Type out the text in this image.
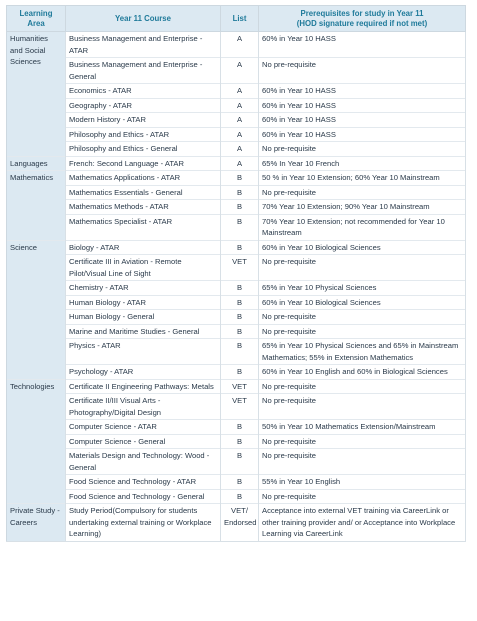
Learning Area	Year 11 Course	List	Prerequisites for study in Year 11
(HOD signature required if not met)

Humanities and Social Sciences	Business Management and Enterprise - ATAR	A	60% in Year 10 HASS
	Business Management and Enterprise - General	A	No pre-requisite
	Economics - ATAR	A	60% in Year 10 HASS
	Geography - ATAR	A	60% in Year 10 HASS
	Modern History - ATAR	A	60% in Year 10 HASS
	Philosophy and Ethics - ATAR	A	60% in Year 10 HASS
	Philosophy and Ethics - General	A	No pre-requisite
Languages	French: Second Language - ATAR	A	65% In Year 10 French
Mathematics	Mathematics Applications - ATAR	B	50 % in Year 10 Extension; 60% Year 10 Mainstream
	Mathematics Essentials - General	B	No pre-requisite
	Mathematics Methods - ATAR	B	70% Year 10 Extension; 90% Year 10 Mainstream
	Mathematics Specialist - ATAR	B	70% Year 10 Extension; not recommended for Year 10 Mainstream
Science	Biology - ATAR	B	60% in Year 10 Biological Sciences
	Certificate III in Aviation - Remote Pilot/Visual Line of Sight	VET	No pre-requisite
	Chemistry - ATAR	B	65% in Year 10 Physical Sciences
	Human Biology - ATAR	B	60% in Year 10 Biological Sciences
	Human Biology - General	B	No pre-requisite
	Marine and Maritime Studies - General	B	No pre-requisite
	Physics - ATAR	B	65% in Year 10 Physical Sciences and 65% in Mainstream Mathematics; 55% in Extension Mathematics
	Psychology - ATAR	B	60% in Year 10 English and 60% in Biological Sciences
Technologies	Certificate II Engineering Pathways: Metals	VET	No pre-requisite
	Certificate II/III Visual Arts - Photography/Digital Design	VET	No pre-requisite
	Computer Science - ATAR	B	50% in Year 10 Mathematics Extension/Mainstream
	Computer Science - General	B	No pre-requisite
	Materials Design and Technology: Wood - General	B	No pre-requisite
	Food Science and Technology - ATAR	B	55% in Year 10 English
	Food Science and Technology - General	B	No pre-requisite
Private Study - Careers	Study Period(Compulsory for students undertaking external training or Workplace Learning)	VET/ Endorsed	Acceptance into external VET training via CareerLink or other training provider and/ or Acceptance into Workplace Learning via CareerLink
